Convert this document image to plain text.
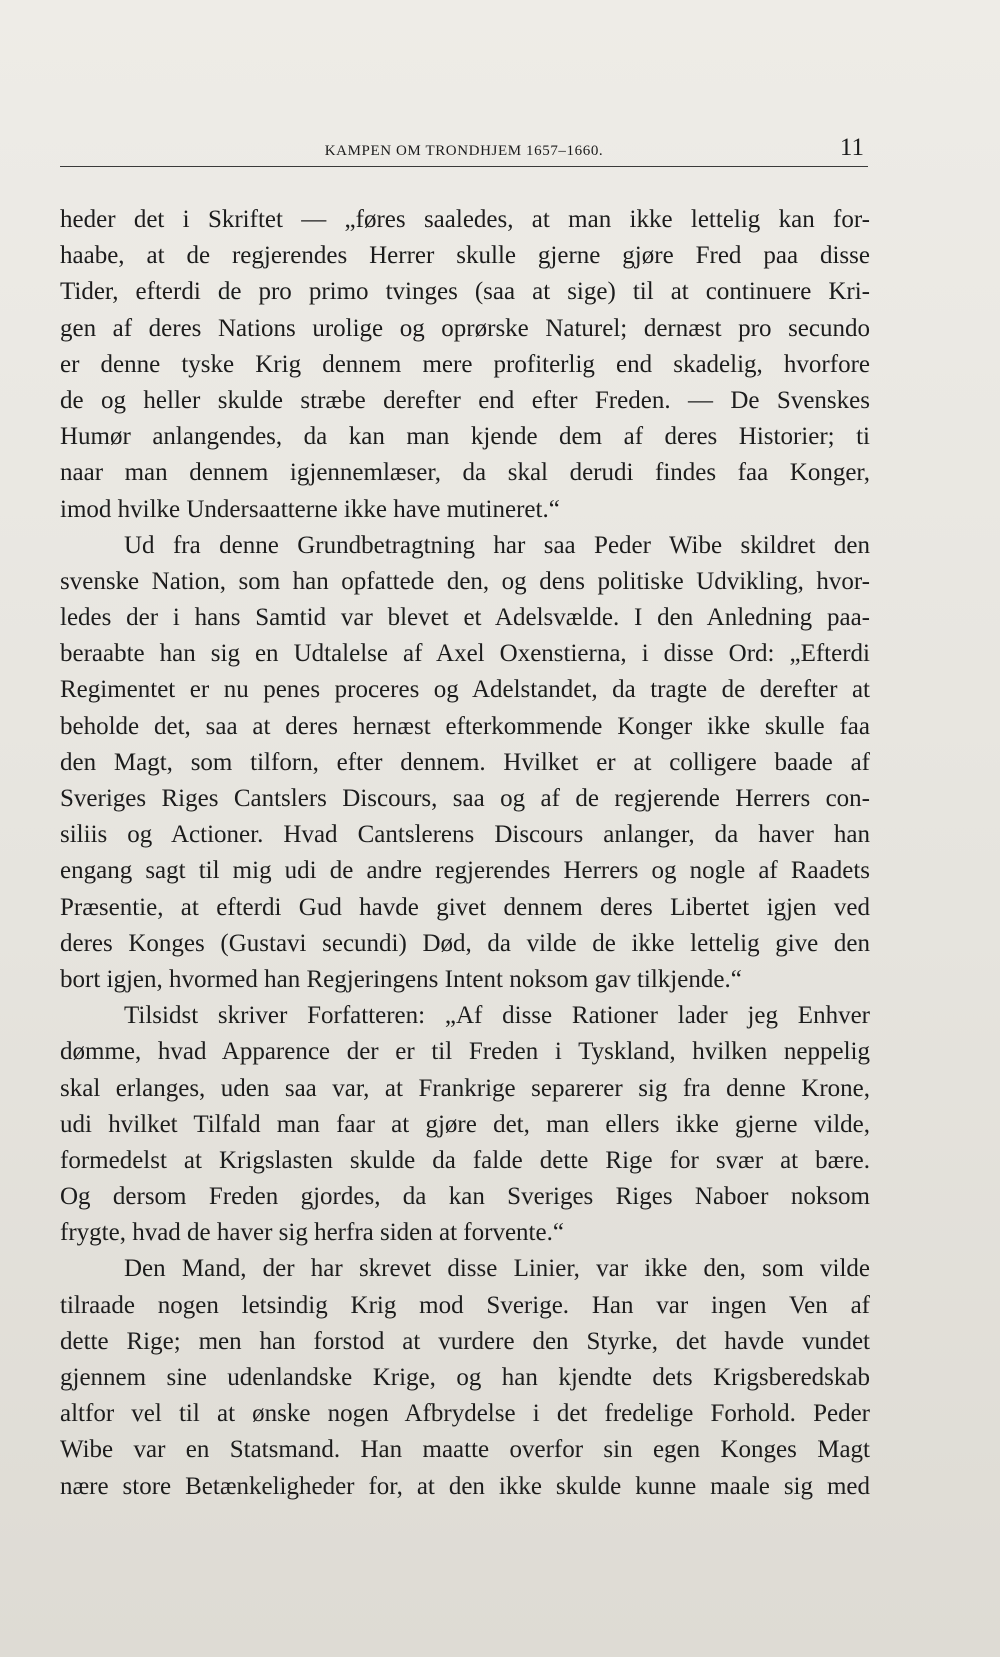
KAMPEN OM TRONDHJEM 1657–1660.	11
heder det i Skriftet — „føres saaledes, at man ikke lettelig kan for-
haabe, at de regjerendes Herrer skulle gjerne gjøre Fred paa disse
Tider, efterdi de pro primo tvinges (saa at sige) til at continuere Kri-
gen af deres Nations urolige og oprørske Naturel; dernæst pro secundo
er denne tyske Krig dennem mere profiterlig end skadelig, hvorfore
de og heller skulde stræbe derefter end efter Freden. — De Svenskes
Humør anlangendes, da kan man kjende dem af deres Historier; ti
naar man dennem igjennemlæser, da skal derudi findes faa Konger,
imod hvilke Undersaatterne ikke have mutineret.“
Ud fra denne Grundbetragtning har saa Peder Wibe skildret den
svenske Nation, som han opfattede den, og dens politiske Udvikling, hvor-
ledes der i hans Samtid var blevet et Adelsvælde. I den Anledning paa-
beraabte han sig en Udtalelse af Axel Oxenstierna, i disse Ord: „Efterdi
Regimentet er nu penes proceres og Adelstandet, da tragte de derefter at
beholde det, saa at deres hernæst efterkommende Konger ikke skulle faa
den Magt, som tilforn, efter dennem. Hvilket er at colligere baade af
Sveriges Riges Cantslers Discours, saa og af de regjerende Herrers con-
siliis og Actioner. Hvad Cantslerens Discours anlanger, da haver han
engang sagt til mig udi de andre regjerendes Herrers og nogle af Raadets
Præsentie, at efterdi Gud havde givet dennem deres Libertet igjen ved
deres Konges (Gustavi secundi) Død, da vilde de ikke lettelig give den
bort igjen, hvormed han Regjeringens Intent noksom gav tilkjende.“
Tilsidst skriver Forfatteren: „Af disse Rationer lader jeg Enhver
dømme, hvad Apparence der er til Freden i Tyskland, hvilken neppelig
skal erlanges, uden saa var, at Frankrige separerer sig fra denne Krone,
udi hvilket Tilfald man faar at gjøre det, man ellers ikke gjerne vilde,
formedelst at Krigslasten skulde da falde dette Rige for svær at bære.
Og dersom Freden gjordes, da kan Sveriges Riges Naboer noksom
frygte, hvad de haver sig herfra siden at forvente.“
Den Mand, der har skrevet disse Linier, var ikke den, som vilde
tilraade nogen letsindig Krig mod Sverige. Han var ingen Ven af
dette Rige; men han forstod at vurdere den Styrke, det havde vundet
gjennem sine udenlandske Krige, og han kjendte dets Krigsberedskab
altfor vel til at ønske nogen Afbrydelse i det fredelige Forhold. Peder
Wibe var en Statsmand. Han maatte overfor sin egen Konges Magt
nære store Betænkeligheder for, at den ikke skulde kunne maale sig med
